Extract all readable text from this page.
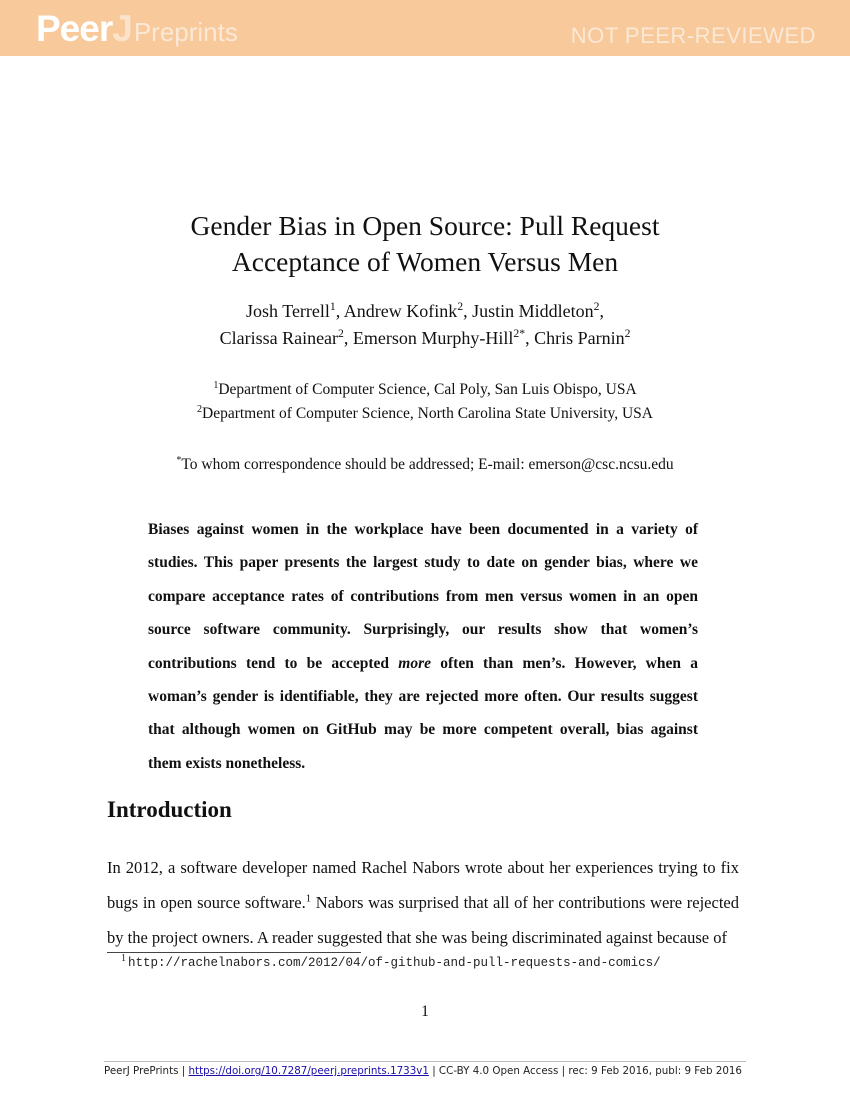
PeerJPreprints	NOT PEER-REVIEWED
Gender Bias in Open Source: Pull Request
Acceptance of Women Versus Men
Josh Terrell$^1$, Andrew Kofink$^2$, Justin Middleton$^2$,
Clarissa Rainear$^2$, Emerson Murphy-Hill$^{2*}$, Chris Parnin$^2$
$^1$Department of Computer Science, Cal Poly, San Luis Obispo, USA
$^2$Department of Computer Science, North Carolina State University, USA
*To whom correspondence should be addressed; E-mail: emerson@csc.ncsu.edu
Biases against women in the workplace have been documented in a variety of studies. This paper presents the largest study to date on gender bias, where we compare acceptance rates of contributions from men versus women in an open source software community. Surprisingly, our results show that women’s contributions tend to be accepted more often than men’s. However, when a woman’s gender is identifiable, they are rejected more often. Our results suggest that although women on GitHub may be more competent overall, bias against them exists nonetheless.
Introduction
In 2012, a software developer named Rachel Nabors wrote about her experiences trying to fix bugs in open source software.$^1$ Nabors was surprised that all of her contributions were rejected by the project owners. A reader suggested that she was being discriminated against because of
$^1$ http://rachelnabors.com/2012/04/of-github-and-pull-requests-and-comics/
1
PeerJ PrePrints | https://doi.org/10.7287/peerj.preprints.1733v1 | CC-BY 4.0 Open Access | rec: 9 Feb 2016, publ: 9 Feb 2016
